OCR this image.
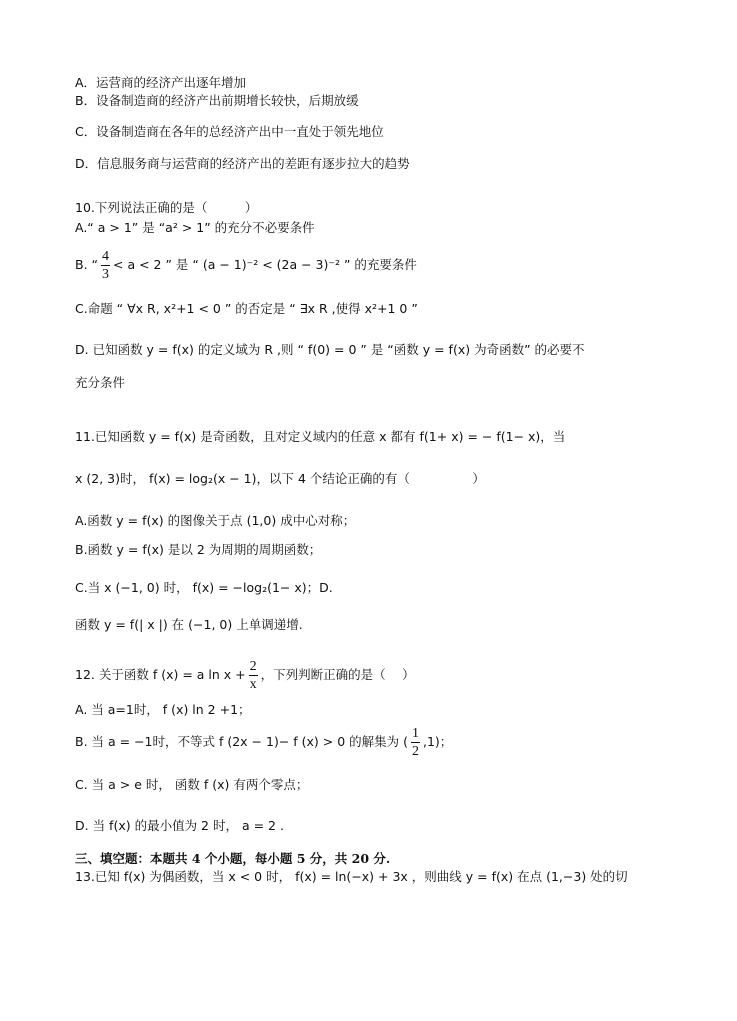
A．运营商的经济产出逐年增加
B．设备制造商的经济产出前期增长较快，后期放缓
C．设备制造商在各年的总经济产出中一直处于领先地位
D．信息服务商与运营商的经济产出的差距有逐步拉大的趋势
10.下列说法正确的是（　　　）
A.“ a > 1” 是 “a² > 1” 的充分不必要条件
B. “ $\frac{4}{3} < a < 2$ ” 是 “ (a − 1)⁻² < (2a − 3)⁻² ” 的充要条件
C.命题 “ ∀x R, x²+1 < 0 ” 的否定是 “ ∃x R ,使得 x²+1 0 ”
D. 已知函数 y = f(x) 的定义域为 R ,则 “ f(0) = 0 ” 是 “函数 y = f(x) 为奇函数” 的必要不
充分条件
11.已知函数 y = f(x) 是奇函数，且对定义域内的任意 x 都有 f(1+ x) = − f(1− x)，当
x (2, 3)时， f(x) = log₂(x − 1)，以下 4 个结论正确的有（　　　　　）
A.函数 y = f(x) 的图像关于点 (1,0) 成中心对称；
B.函数 y = f(x) 是以 2 为周期的周期函数；
C.当 x (−1, 0) 时， f(x) = −log₂(1− x)；D.
函数 y = f(| x |) 在 (−1, 0) 上单调递增.
12. 关于函数 f (x) = a $\ln x + \frac{2}{x}$ ，下列判断正确的是（　 ）
A. 当 a=1时， f (x) ln 2 +1；
B. 当 a = −1时，不等式 f (2x − 1)− f (x) > 0 的解集为 ( $\frac{1}{2} ,1$)；
C. 当 a > e 时， 函数 f (x) 有两个零点；
D. 当 f(x) 的最小值为 2 时， a = 2 .
三、填空题：本题共 4 个小题，每小题 5 分，共 20 分.
13.已知 f(x) 为偶函数，当 x < 0 时， f(x) = ln(−x) + 3x ，则曲线 y = f(x) 在点 (1,−3) 处的切
